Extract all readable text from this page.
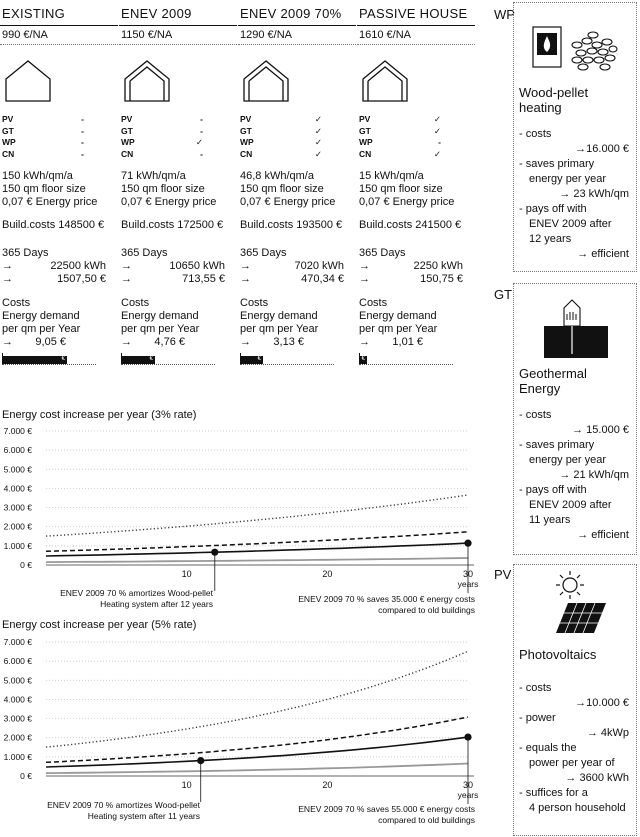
EXISTING
990 €/NA
PV	-
GT	-
WP	-
CN	-
150 kWh/qm/a
150 qm floor size
0,07 € Energy price
Build.costs 148500 €
365 Days
→	22500 kWh
→	1507,50 €
Costs
Energy demand
per qm per Year
→	9,05 €
€
ENEV 2009
1150 €/NA
PV	-
GT	-
WP	✓
CN	-
71 kWh/qm/a
150 qm floor size
0,07 € Energy price
Build.costs 172500 €
365 Days
→	10650 kWh
→	713,55 €
Costs
Energy demand
per qm per Year
→	4,76 €
€
ENEV 2009 70%
1290 €/NA
PV	✓
GT	✓
WP	✓
CN	✓
46,8 kWh/qm/a
150 qm floor size
0,07 € Energy price
Build.costs 193500 €
365 Days
→	7020 kWh
→	470,34 €
Costs
Energy demand
per qm per Year
→	3,13 €
€
PASSIVE HOUSE
1610 €/NA
PV	✓
GT	✓
WP	-
CN	✓
15 kWh/qm/a
150 qm floor size
0,07 € Energy price
Build.costs 241500 €
365 Days
→	2250 kWh
→	150,75 €
Costs
Energy demand
per qm per Year
→	1,01 €
€
Energy cost increase per year (3% rate)
7.000 €
6.000 €
5.000 €
4.000 €
3.000 €
2.000 €
1.000 €
0 €
10	20	30
years
ENEV 2009 70 % amortizes Wood-pellet
Heating system after 12 years	ENEV 2009 70 % saves 35.000 € energy costs
compared to old buildings
Energy cost increase per year (5% rate)
7.000 €
6.000 €
5.000 €
4.000 €
3.000 €
2.000 €
1.000 €
0 €
10	20	30
years
ENEV 2009 70 % amortizes Wood-pellet
Heating system after 11 years
ENEV 2009 70 % saves 55.000 € energy costs
compared to old buildings
WP
Wood-pellet
heating
- costs
→16.000 €
- saves primary
energy per year
→ 23 kWh/qm
- pays off with
ENEV 2009 after
12 years
→ efficient
GT
Geothermal
Energy
- costs
→ 15.000 €
- saves primary
energy per year
→ 21 kWh/qm
- pays off with
ENEV 2009 after
11 years
→ efficient
PV
Photovoltaics
- costs
→10.000 €
- power
→ 4kWp
- equals the
power per year of
→ 3600 kWh
- suffices for a
4 person household
